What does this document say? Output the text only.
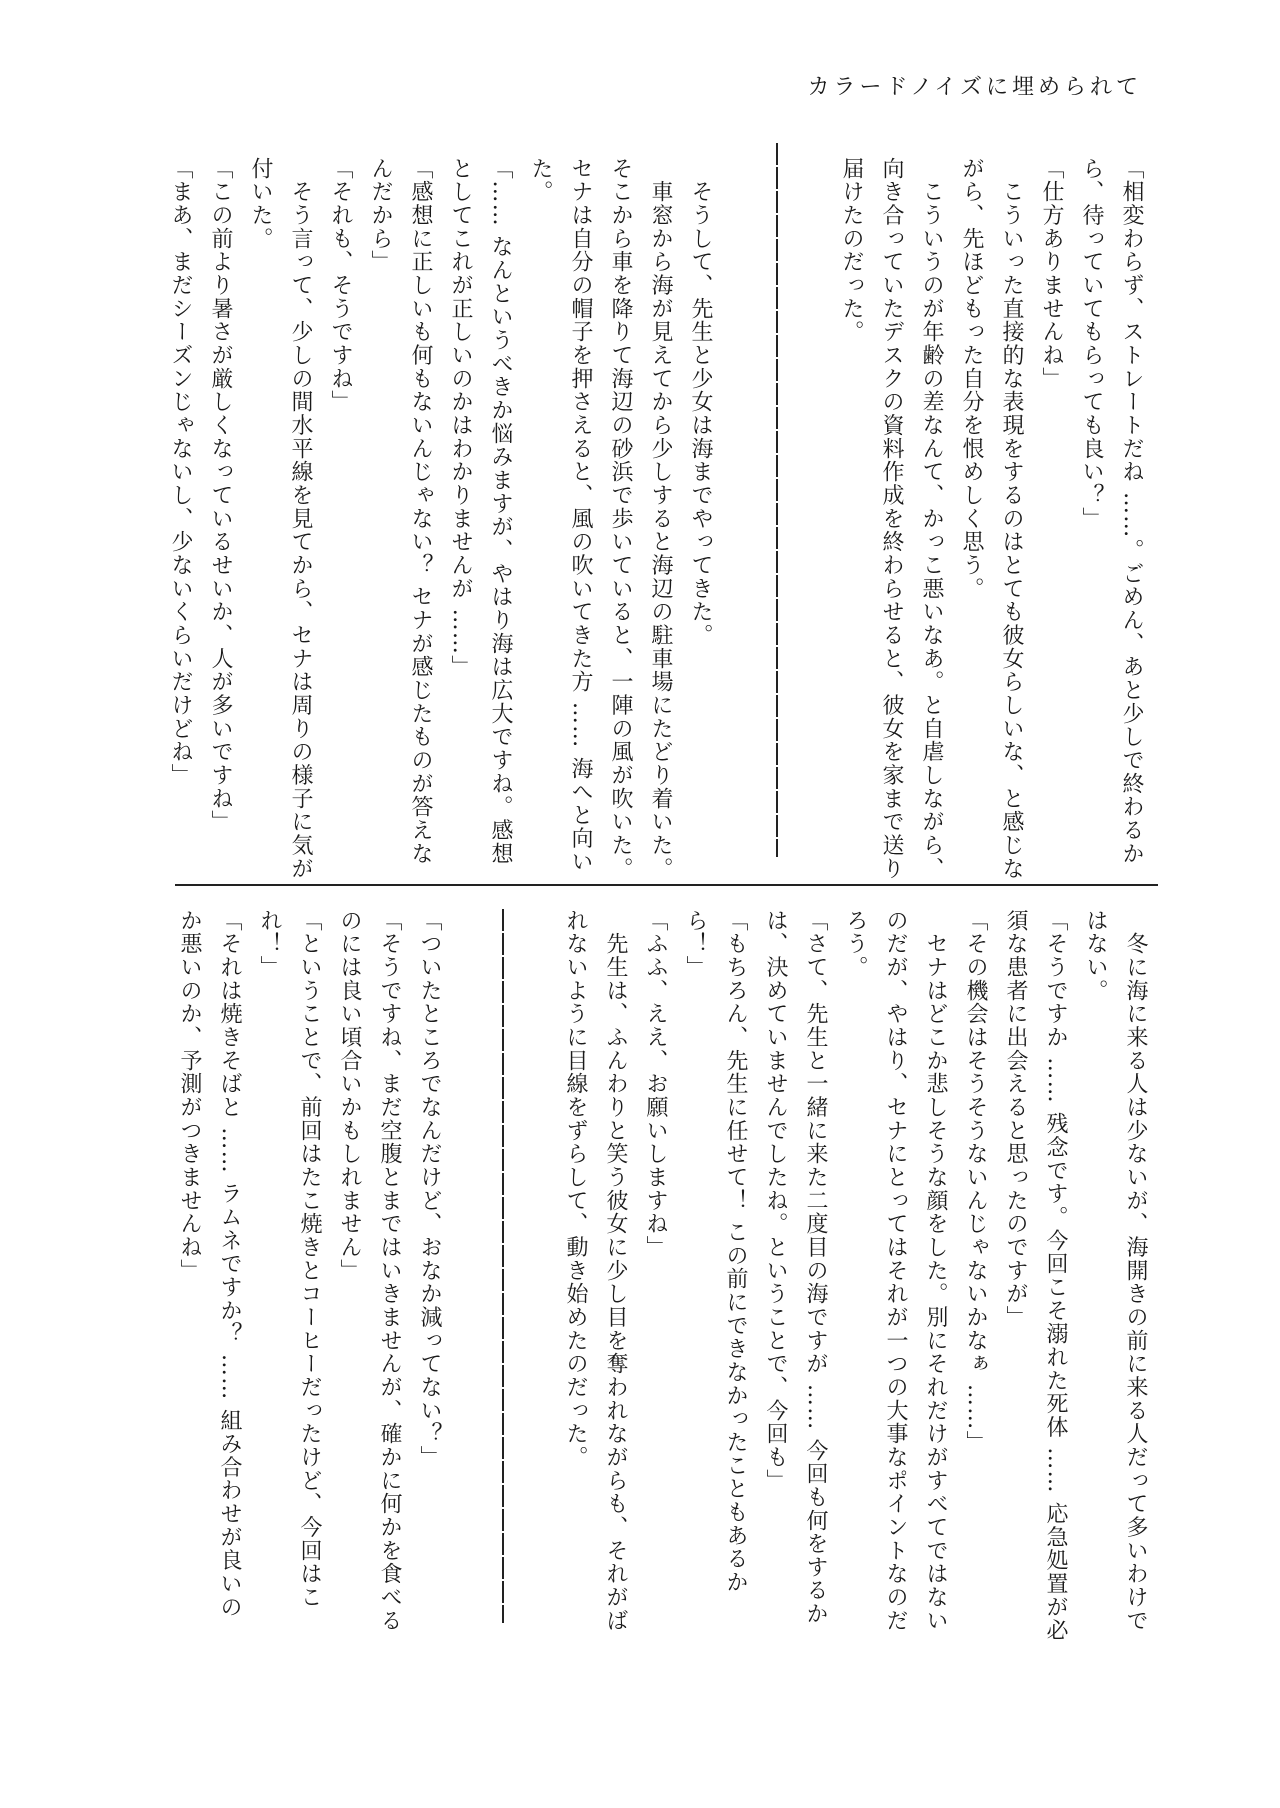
カラードノイズに埋められて
「相変わらず、ストレートだね ……。ごめん、あと少しで終わるか
ら、待っていてもらっても良い？」
「仕方ありませんね」
　こういった直接的な表現をするのはとても彼女らしいな、と感じな
がら、先ほどもった自分を恨めしく思う。
　こういうのが年齢の差なんて、かっこ悪いなあ。と自虐しながら、
向き合っていたデスクの資料作成を終わらせると、彼女を家まで送り
届けたのだった。
　そうして、先生と少女は海までやってきた。
　車窓から海が見えてから少しすると海辺の駐車場にたどり着いた。
そこから車を降りて海辺の砂浜で歩いていると、一陣の風が吹いた。
セナは自分の帽子を押さえると、風の吹いてきた方 …… 海へと向い
た。
「…… なんというべきか悩みますが、やはり海は広大ですね。感想
としてこれが正しいのかはわかりませんが ……」
「感想に正しいも何もないんじゃない？ セナが感じたものが答えな
んだから」
「それも、そうですね」
　そう言って、少しの間水平線を見てから、セナは周りの様子に気が
付いた。
「この前より暑さが厳しくなっているせいか、人が多いですね」
「まあ、まだシーズンじゃないし、少ないくらいだけどね」
　冬に海に来る人は少ないが、海開きの前に来る人だって多いわけで
はない。
「そうですか …… 残念です。今回こそ溺れた死体 …… 応急処置が必
須な患者に出会えると思ったのですが」
「その機会はそうそうないんじゃないかなぁ ……」
　セナはどこか悲しそうな顔をした。別にそれだけがすべてではない
のだが、やはり、セナにとってはそれが一つの大事なポイントなのだ
ろう。
「さて、先生と一緒に来た二度目の海ですが …… 今回も何をするか
は、決めていませんでしたね。ということで、今回も」
「もちろん、先生に任せて！ この前にできなかったこともあるか
ら！」
「ふふ、ええ、お願いしますね」
　先生は、ふんわりと笑う彼女に少し目を奪われながらも、それがば
れないように目線をずらして、動き始めたのだった。
「ついたところでなんだけど、おなか減ってない？」
「そうですね、まだ空腹とまではいきませんが、確かに何かを食べる
のには良い頃合いかもしれません」
「ということで、前回はたこ焼きとコーヒーだったけど、今回はこ
れ！」
「それは焼きそばと …… ラムネですか？ …… 組み合わせが良いの
か悪いのか、予測がつきませんね」
